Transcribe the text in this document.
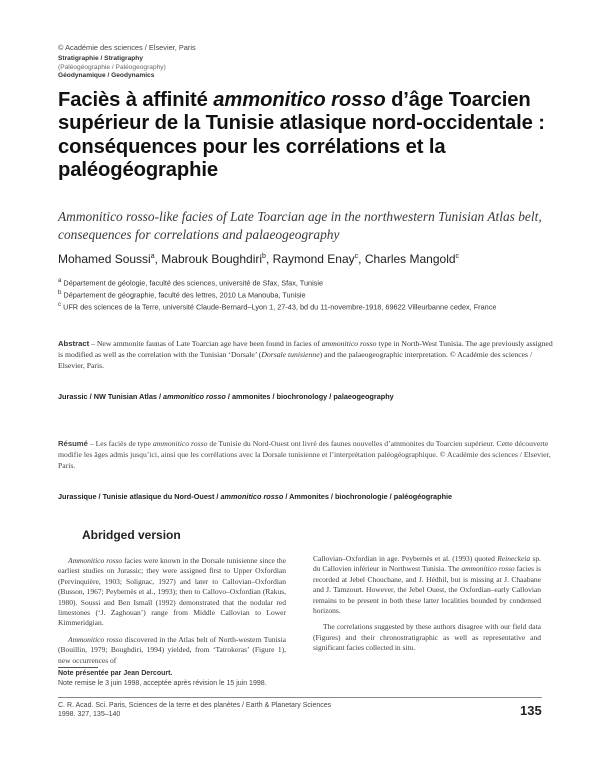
© Académie des sciences / Elsevier, Paris
Stratigraphie / Stratigraphy
(Paléogéographie / Paléogeography)
Géodynamique / Geodynamics
Faciès à affinité ammonitico rosso d’âge Toarcien supérieur de la Tunisie atlasique nord-occidentale : conséquences pour les corrélations et la paléogéographie
Ammonitico rosso-like facies of Late Toarcian age in the northwestern Tunisian Atlas belt, consequences for correlations and palaeogeography
Mohamed Soussi$^a$, Mabrouk Boughdiri$^b$, Raymond Enay$^c$, Charles Mangold$^c$
$^a$ Département de géologie, faculté des sciences, université de Sfax, Sfax, Tunisie
$^b$ Département de géographie, faculté des lettres, 2010 La Manouba, Tunisie
$^c$ UFR des sciences de la Terre, université Claude-Bernard–Lyon 1, 27-43, bd du 11-novembre-1918, 69622 Villeurbanne cedex, France
Abstract – New ammonite faunas of Late Toarcian age have been found in facies of ammonitico rosso type in North-West Tunisia. The age previously assigned is modified as well as the correlation with the Tunisian ‘Dorsale’ (Dorsale tunisienne) and the palaeogeographic interpretation. © Académie des sciences / Elsevier, Paris.
Jurassic / NW Tunisian Atlas / ammonitico rosso / ammonites / biochronology / palaeogeography
Résumé – Les faciès de type ammonitico rosso de Tunisie du Nord-Ouest ont livré des faunes nouvelles d’ammonites du Toarcien supérieur. Cette découverte modifie les âges admis jusqu’ici, ainsi que les corrélations avec la Dorsale tunisienne et l’interprétation paléogéographique. © Académie des sciences / Elsevier, Paris.
Jurassique / Tunisie atlasique du Nord-Ouest / ammonitico rosso / Ammonites / biochronologie / paléogéographie
Abridged version

Ammonitico rosso facies were known in the Dorsale tunisienne since the earliest studies on Jurassic; they were assigned first to Upper Oxfordian (Pervinquière, 1903; Solignac, 1927) and later to Callovian–Oxfordian (Busson, 1967; Peybernès et al., 1993); then to Callovo–Oxfordian (Rakus, 1980). Soussi and Ben Ismaïl (1992) demonstrated that the nodular red limestones (‘J. Zaghouan’) range from Middle Callovian to Lower Kimmeridgian.

Ammonitico rosso discovered in the Atlas belt of North-western Tunisia (Bouillin, 1979; Boughdiri, 1994) yielded, from ‘Tatrokeras’ (Figure 1), new occurrences of

Callovian–Oxfordian in age. Peybernès et al. (1993) quoted Reineckeia sp. du Callovien inférieur in Northwest Tunisia. The ammonitico rosso facies is recorded at Jebel Chouchane, and J. Hédhil, but is missing at J. Chaabane and J. Tamzourt. However, the Jebel Ouest, the Oxfordian–early Callovian remains to be present in both these latter localities bounded by condensed horizons.

The correlations suggested by these authors disagree with our field data (Figures) and their chronostratigraphic as well as representative and significant facies collected in situ.

Note présentée par Jean Dercourt.
Note remise le 3 juin 1998, acceptée après révision le 15 juin 1998.
C. R. Acad. Sci. Paris, Sciences de la terre et des planètes / Earth & Planetary Sciences
1998. 327, 135–140	135
